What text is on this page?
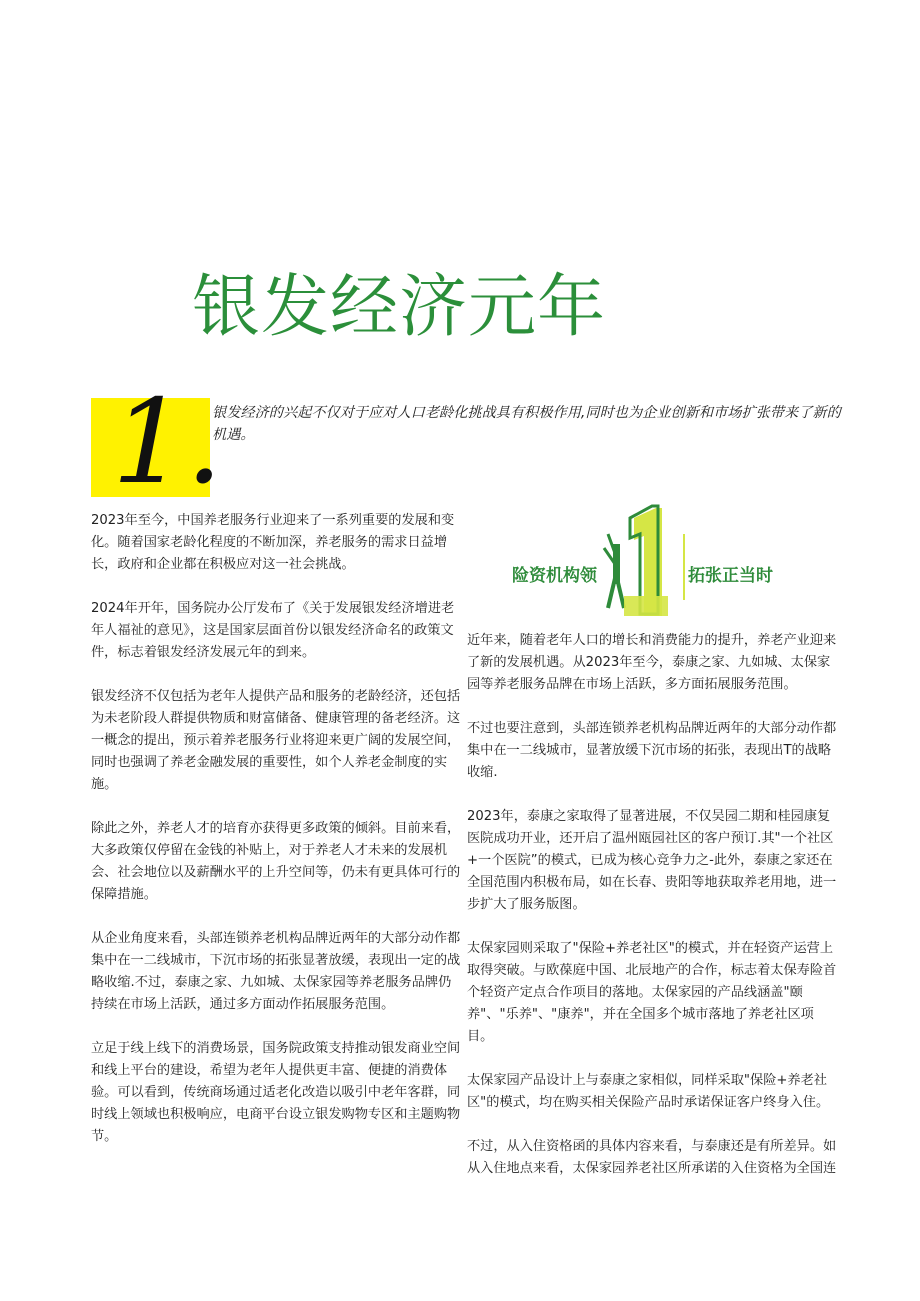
银发经济元年
1.
银发经济的兴起不仅对于应对人口老龄化挑战具有积极作用,同时也为企业创新和市场扩张带来了新的机遇。

2023年至今，中国养老服务行业迎来了一系列重要的发展和变化。随着国家老龄化程度的不断加深，养老服务的需求日益增长，政府和企业都在积极应对这一社会挑战。

2024年开年，国务院办公厅发布了《关于发展银发经济增进老年人福祉的意见》，这是国家层面首份以银发经济命名的政策文件，标志着银发经济发展元年的到来。

银发经济不仅包括为老年人提供产品和服务的老龄经济，还包括为未老阶段人群提供物质和财富储备、健康管理的备老经济。这一概念的提出，预示着养老服务行业将迎来更广阔的发展空间，同时也强调了养老金融发展的重要性，如个人养老金制度的实施。

除此之外，养老人才的培育亦获得更多政策的倾斜。目前来看，大多政策仅停留在金钱的补贴上，对于养老人才未来的发展机会、社会地位以及薪酬水平的上升空间等，仍未有更具体可行的保障措施。

从企业角度来看，头部连锁养老机构品牌近两年的大部分动作都集中在一二线城市，下沉市场的拓张显著放缓，表现出一定的战略收缩.不过，泰康之家、九如城、太保家园等养老服务品牌仍持续在市场上活跃，通过多方面动作拓展服务范围。

立足于线上线下的消费场景，国务院政策支持推动银发商业空间和线上平台的建设，希望为老年人提供更丰富、便捷的消费体验。可以看到，传统商场通过适老化改造以吸引中老年客群，同时线上领域也积极响应，电商平台设立银发购物专区和主题购物节。

险资机构领	拓张正当时

近年来，随着老年人口的增长和消费能力的提升，养老产业迎来了新的发展机遇。从2023年至今，泰康之家、九如城、太保家园等养老服务品牌在市场上活跃，多方面拓展服务范围。

不过也要注意到，头部连锁养老机构品牌近两年的大部分动作都集中在一二线城市，显著放缓下沉市场的拓张，表现出T的战略收缩.

2023年，泰康之家取得了显著进展，不仅吴园二期和桂园康复医院成功开业，还开启了温州瓯园社区的客户预订.其"一个社区+一个医院”的模式，已成为核心竞争力之-此外，泰康之家还在全国范围内积极布局，如在长春、贵阳等地获取养老用地，进一步扩大了服务版图。

太保家园则采取了"保险+养老社区"的模式，并在轻资产运营上取得突破。与欧葆庭中国、北辰地产的合作，标志着太保寿险首个轻资产定点合作项目的落地。太保家园的产品线涵盖"颐养"、"乐养"、"康养"，并在全国多个城市落地了养老社区项目。

太保家园产品设计上与泰康之家相似，同样采取"保险+养老社区"的模式，均在购买相关保险产品时承诺保证客户终身入住。

不过，从入住资格函的具体内容来看，与泰康还是有所差异。如从入住地点来看，太保家园养老社区所承诺的入住资格为全国连
